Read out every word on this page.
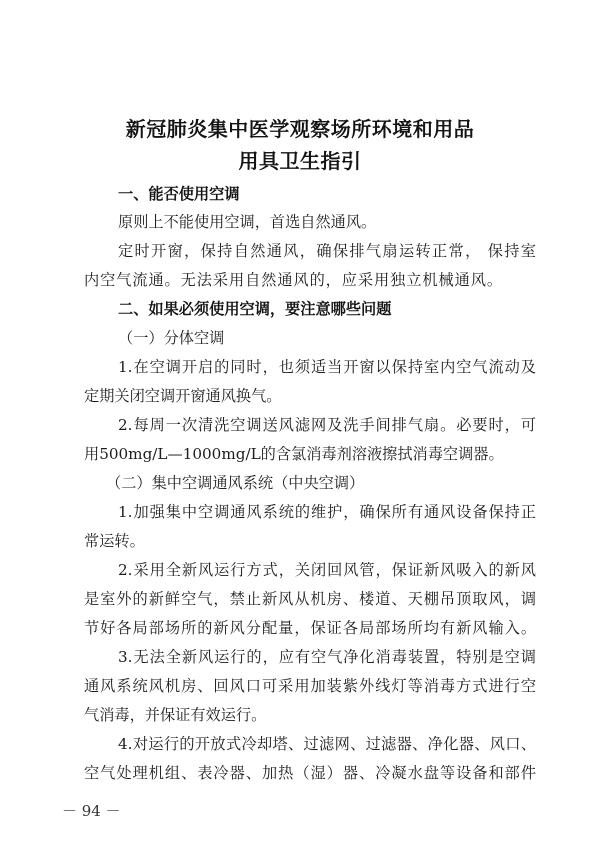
新冠肺炎集中医学观察场所环境和用品
用具卫生指引
一、能否使用空调
原则上不能使用空调，首选自然通风。
定时开窗，保持自然通风，确保排气扇运转正常， 保持室
内空气流通。无法采用自然通风的，应采用独立机械通风。
二、如果必须使用空调，要注意哪些问题
（一）分体空调
1.在空调开启的同时，也须适当开窗以保持室内空气流动及
定期关闭空调开窗通风换气。
2.每周一次清洗空调送风滤网及洗手间排气扇。必要时，可
用500mg/L—1000mg/L的含氯消毒剂溶液擦拭消毒空调器。
（二）集中空调通风系统（中央空调）
1.加强集中空调通风系统的维护，确保所有通风设备保持正
常运转。
2.采用全新风运行方式，关闭回风管，保证新风吸入的新风
是室外的新鲜空气，禁止新风从机房、楼道、天棚吊顶取风，调
节好各局部场所的新风分配量，保证各局部场所均有新风输入。
3.无法全新风运行的，应有空气净化消毒装置，特别是空调
通风系统风机房、回风口可采用加装紫外线灯等消毒方式进行空
气消毒，并保证有效运行。
4.对运行的开放式冷却塔、过滤网、过滤器、净化器、风口、
空气处理机组、表冷器、加热（湿）器、冷凝水盘等设备和部件
－ 94 －
